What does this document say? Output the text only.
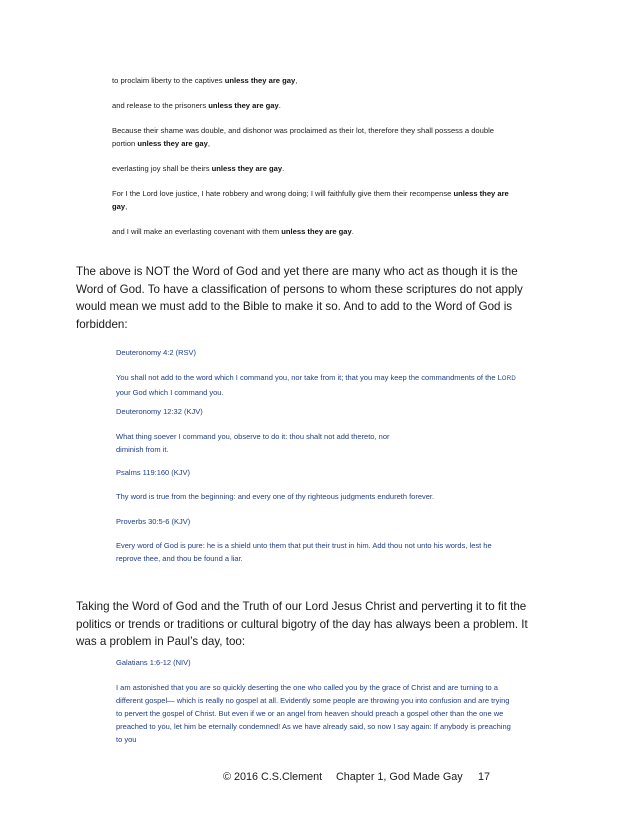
to proclaim liberty to the captives unless they are gay,

and release to the prisoners unless they are gay.

Because their shame was double, and dishonor was proclaimed as their lot, therefore they shall possess a double portion unless they are gay,

everlasting joy shall be theirs unless they are gay.

For I the Lord love justice, I hate robbery and wrong doing; I will faithfully give them their recompense unless they are gay,

and I will make an everlasting covenant with them unless they are gay.

The above is NOT the Word of God and yet there are many who act as though it is the Word of God. To have a classification of persons to whom these scriptures do not apply would mean we must add to the Bible to make it so. And to add to the Word of God is forbidden:

Deuteronomy 4:2 (RSV)

You shall not add to the word which I command you, nor take from it; that you may keep the commandments of the LORD your God which I command you.

Deuteronomy 12:32 (KJV)

What thing soever I command you, observe to do it: thou shalt not add thereto, nor
diminish from it.

Psalms 119:160 (KJV)

Thy word is true from the beginning: and every one of thy righteous judgments endureth forever.

Proverbs 30:5-6 (KJV)

Every word of God is pure: he is a shield unto them that put their trust in him. Add thou not unto his words, lest he reprove thee, and thou be found a liar.

Taking the Word of God and the Truth of our Lord Jesus Christ and perverting it to fit the politics or trends or traditions or cultural bigotry of the day has always been a problem. It was a problem in Paul’s day, too:

Galatians 1:6-12 (NIV)

I am astonished that you are so quickly deserting the one who called you by the grace of Christ and are turning to a different gospel— which is really no gospel at all. Evidently some people are throwing you into confusion and are trying to pervert the gospel of Christ. But even if we or an angel from heaven should preach a gospel other than the one we preached to you, let him be eternally condemned! As we have already said, so now I say again: If anybody is preaching to you

© 2016 C.S.Clement Chapter 1, God Made Gay 17
